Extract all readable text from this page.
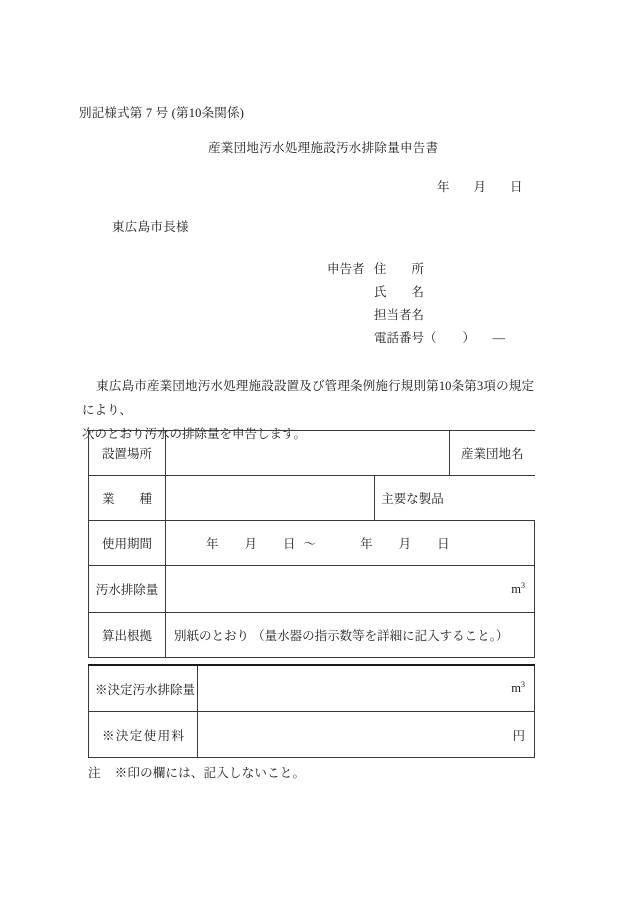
別記様式第 7 号 (第10条関係)
産業団地汚水処理施設汚水排除量申告書
年 月 日
東広島市長様
申告者 住　　所
氏　　名
担当者名
電話番号（ ） ―

東広島市産業団地汚水処理施設設置及び管理条例施行規則第10条第3項の規定により、

次のとおり汚水の排除量を申告します。

設置場所			産業団地名

業種		主要な製品	

使用期間	年 月 日 ～ 年 月 日		

汚水排除量	$m^3$

算出根拠	別紙のとおり （量水器の指示数等を詳細に記入すること。）		
※決定汚水排除量	$m^3$

※決定使用料	円
注 ※印の欄には、記入しないこと。
